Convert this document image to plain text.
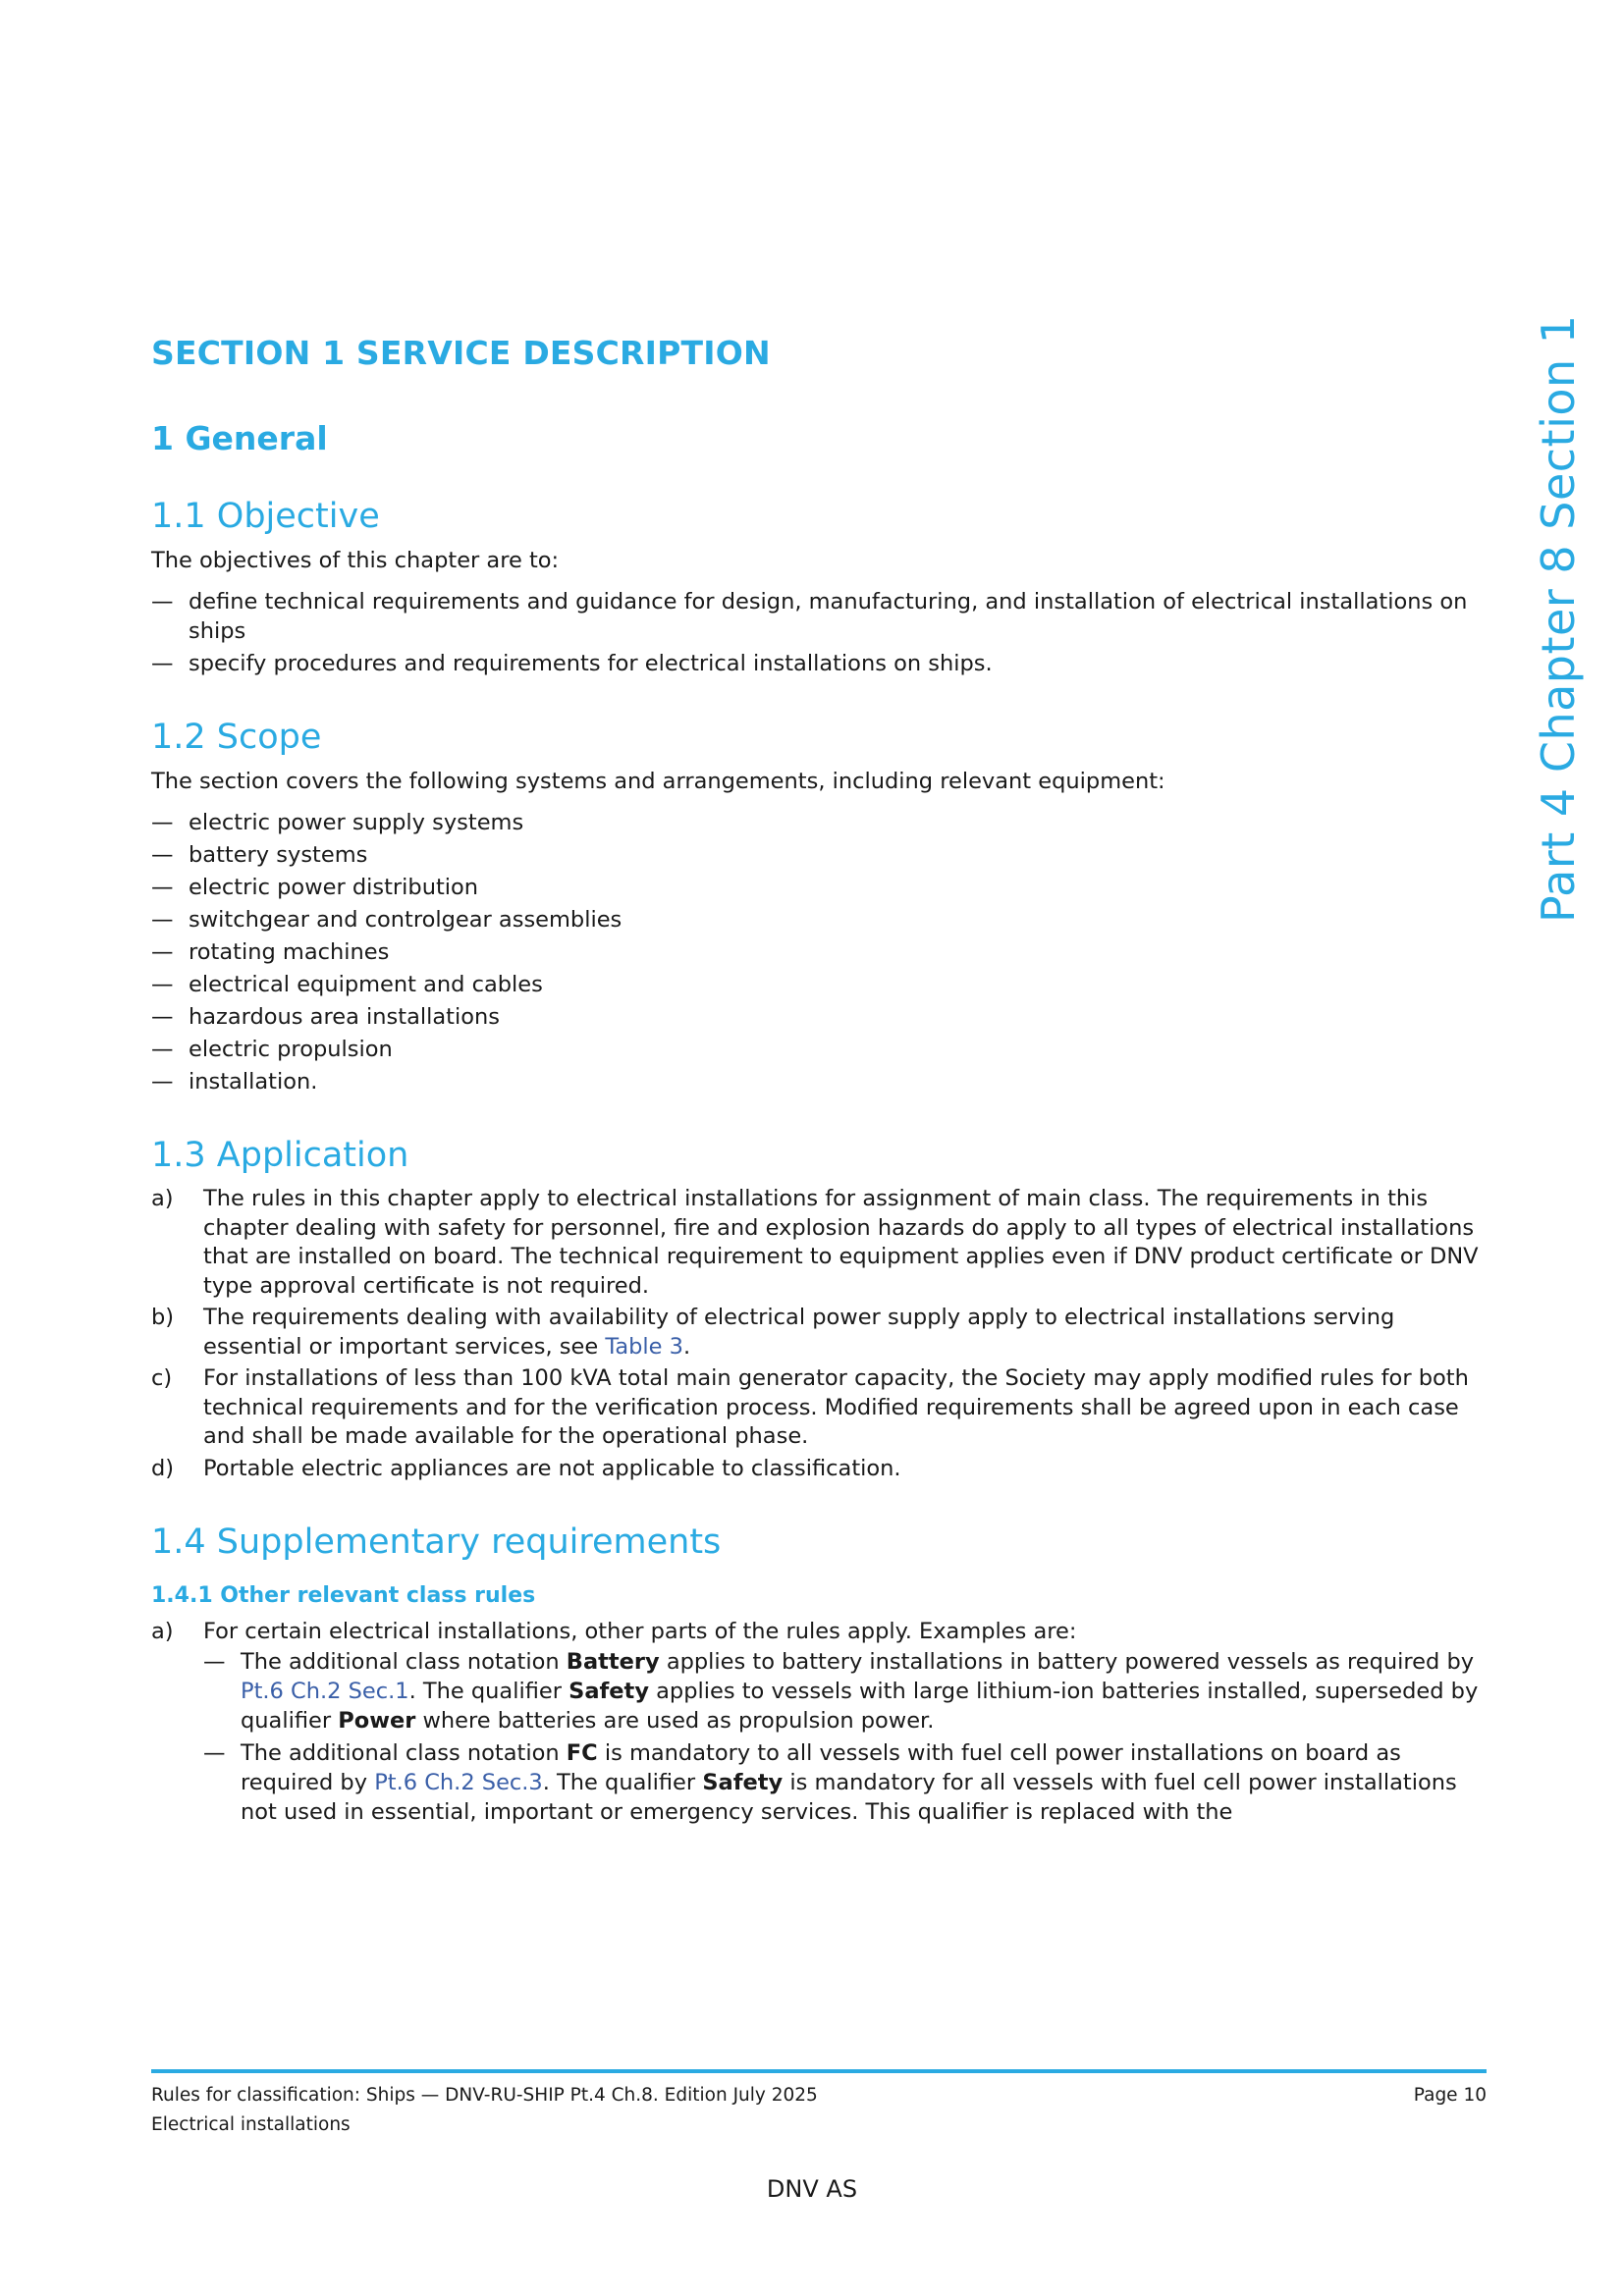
Part 4 Chapter 8 Section 1
SECTION 1 SERVICE DESCRIPTION
1 General
1.1 Objective

The objectives of this chapter are to:

— define technical requirements and guidance for design, manufacturing, and installation of electrical installations on ships
— specify procedures and requirements for electrical installations on ships.
1.2 Scope

The section covers the following systems and arrangements, including relevant equipment:

— electric power supply systems
— battery systems
— electric power distribution
— switchgear and controlgear assemblies
— rotating machines
— electrical equipment and cables
— hazardous area installations
— electric propulsion
— installation.
1.3 Application
a) The rules in this chapter apply to electrical installations for assignment of main class. The requirements in this chapter dealing with safety for personnel, fire and explosion hazards do apply to all types of electrical installations that are installed on board. The technical requirement to equipment applies even if DNV product certificate or DNV type approval certificate is not required.
b) The requirements dealing with availability of electrical power supply apply to electrical installations serving essential or important services, see Table 3.
c) For installations of less than 100 kVA total main generator capacity, the Society may apply modified rules for both technical requirements and for the verification process. Modified requirements shall be agreed upon in each case and shall be made available for the operational phase.
d) Portable electric appliances are not applicable to classification.
1.4 Supplementary requirements
1.4.1 Other relevant class rules
a) For certain electrical installations, other parts of the rules apply. Examples are:
— The additional class notation Battery applies to battery installations in battery powered vessels as required by Pt.6 Ch.2 Sec.1. The qualifier Safety applies to vessels with large lithium-ion batteries installed, superseded by qualifier Power where batteries are used as propulsion power.
— The additional class notation FC is mandatory to all vessels with fuel cell power installations on board as required by Pt.6 Ch.2 Sec.3. The qualifier Safety is mandatory for all vessels with fuel cell power installations not used in essential, important or emergency services. This qualifier is replaced with the
Rules for classification: Ships — DNV-RU-SHIP Pt.4 Ch.8. Edition July 2025
Electrical installations
Page 10
DNV AS
